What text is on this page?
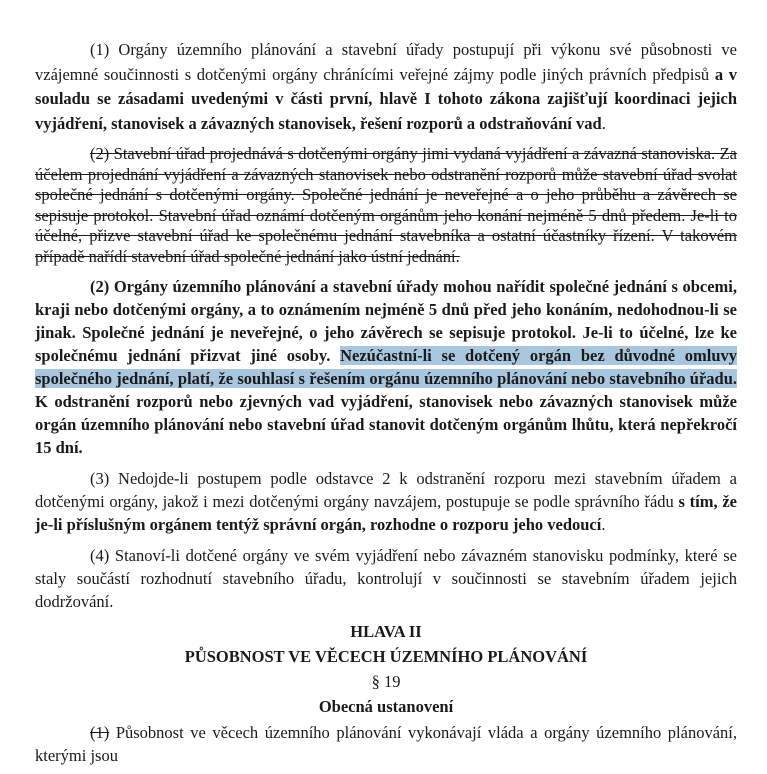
(1) Orgány územního plánování a stavební úřady postupují při výkonu své působnosti ve vzájemné součinnosti s dotčenými orgány chránícími veřejné zájmy podle jiných právních předpisů a v souladu se zásadami uvedenými v části první, hlavě I tohoto zákona zajišťují koordinaci jejich vyjádření, stanovisek a závazných stanovisek, řešení rozporů a odstraňování vad.

(2) Stavební úřad projednává s dotčenými orgány jimi vydaná vyjádření a závazná stanoviska. Za účelem projednání vyjádření a závazných stanovisek nebo odstranění rozporů může stavební úřad svolat společné jednání s dotčenými orgány. Společné jednání je neveřejné a o jeho průběhu a závěrech se sepisuje protokol. Stavební úřad oznámí dotčeným orgánům jeho konání nejméně 5 dnů předem. Je-li to účelné, přizve stavební úřad ke společnému jednání stavebníka a ostatní účastníky řízení. V takovém případě nařídí stavební úřad společné jednání jako ústní jednání.

(2) Orgány územního plánování a stavební úřady mohou nařídit společné jednání s obcemi, kraji nebo dotčenými orgány, a to oznámením nejméně 5 dnů před jeho konáním, nedohodnou-li se jinak. Společné jednání je neveřejné, o jeho závěrech se sepisuje protokol. Je-li to účelné, lze ke společnému jednání přizvat jiné osoby. Nezúčastní-li se dotčený orgán bez důvodné omluvy společného jednání, platí, že souhlasí s řešením orgánu územního plánování nebo stavebního úřadu. K odstranění rozporů nebo zjevných vad vyjádření, stanovisek nebo závazných stanovisek může orgán územního plánování nebo stavební úřad stanovit dotčeným orgánům lhůtu, která nepřekročí 15 dní.

(3) Nedojde-li postupem podle odstavce 2 k odstranění rozporu mezi stavebním úřadem a dotčenými orgány, jakož i mezi dotčenými orgány navzájem, postupuje se podle správního řádu s tím, že je-li příslušným orgánem tentýž správní orgán, rozhodne o rozporu jeho vedoucí.

(4) Stanoví-li dotčené orgány ve svém vyjádření nebo závazném stanovisku podmínky, které se staly součástí rozhodnutí stavebního úřadu, kontrolují v součinnosti se stavebním úřadem jejich dodržování.

HLAVA II
PŮSOBNOST VE VĚCECH ÚZEMNÍHO PLÁNOVÁNÍ
§ 19
Obecná ustanovení

(1) Působnost ve věcech územního plánování vykonávají vláda a orgány územního plánování, kterými jsou
